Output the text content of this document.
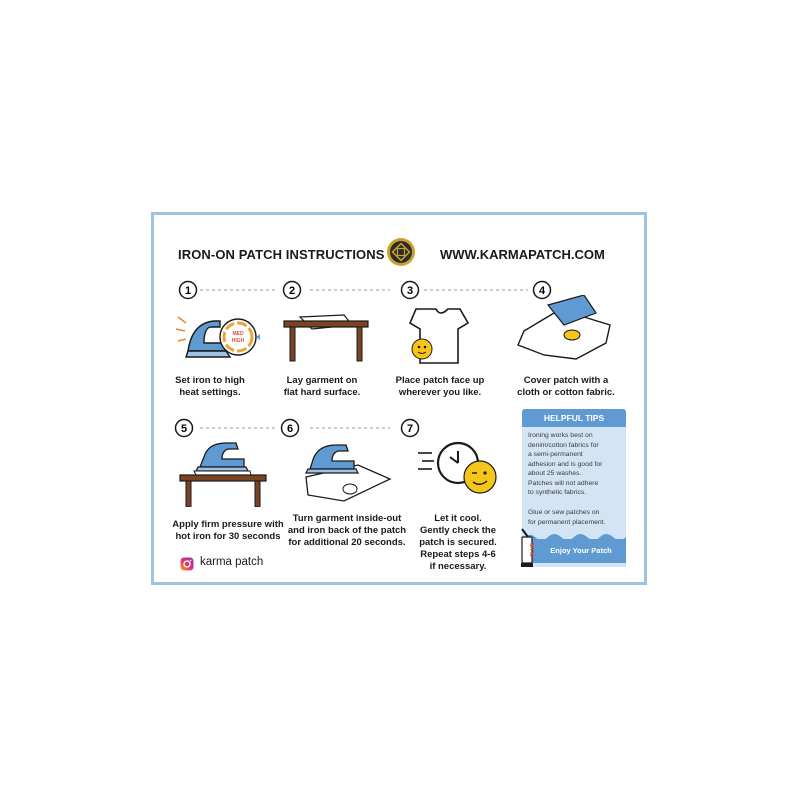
IRON-ON PATCH INSTRUCTIONS	WWW.KARMAPATCH.COM
1	2	3	4
5	6	7
MED
HIGH
Set iron to high
heat settings.
Lay garment on
flat hard surface.
Place patch face up
wherever you like.
Cover patch with a
cloth or cotton fabric.
Apply firm pressure with
hot iron for 30 seconds
Turn garment inside-out
and iron back of the patch
for additional 20 seconds.
Let it cool.
Gently check the
patch is secured.
Repeat steps 4-6
if necessary.
HELPFUL TIPS
Ironing works best on
denim/cotton fabrics for
a semi-permanent
adhesion and is good for
about 25 washes.
Patches will not adhere
to synthetic fabrics.
Glue or sew patches on
for permanent placement.
Enjoy Your Patch
GLUE
karma patch
